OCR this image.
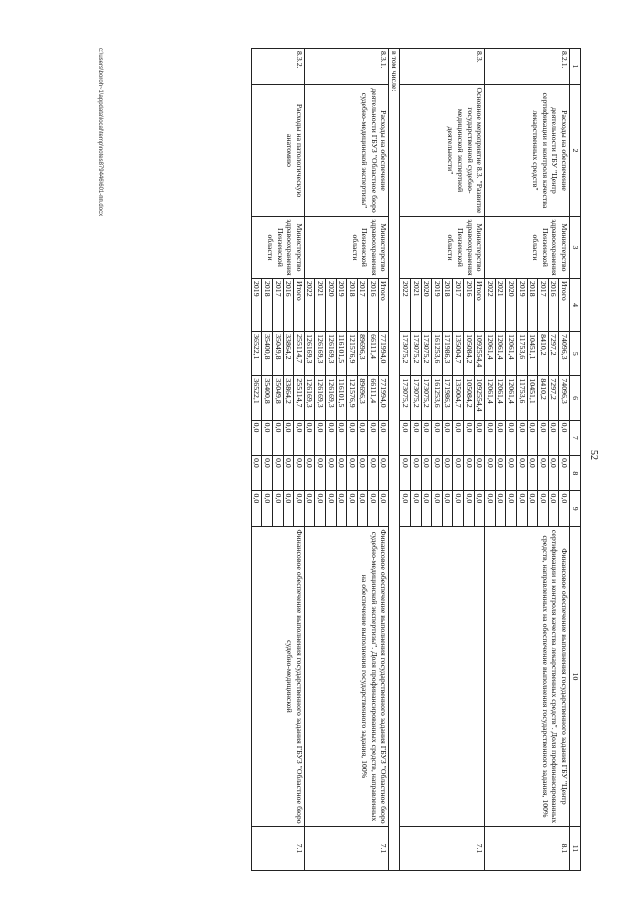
52
1	2	3	
4	5	6	7	8	9
	10	11
8.2.1.	Расходы на обеспечение деятельности ГБУ "Центр сертификации и контроля качества лекарственных средств"	Министерство здравоохранения Пензенской области	
Итого	74096,3	74096,3	0,0	0,0	0,0
2016	7297,2	7297,2	0,0	0,0	0,0
2017	8410,2	8410,2	0,0	0,0	0,0
2018	10451,1	10451,1	0,0	0,0	0,0
2019	11753,6	11753,6	0,0	0,0	0,0
2020	12061,4	12061,4	0,0	0,0	0,0
2021	12061,4	12061,4	0,0	0,0	0,0
2022	12061,4	12061,4	0,0	0,0	0,0
	Финансовое обеспечение выполнения государственного задания ГБУ "Центр сертификации и контроля качества лекарственных средств". Доля профинансированных средств, направленных на обеспечение выполнения государственного задания, 100%	8.1
8.3.	Основное мероприятие 8.3. "Развитие государственной судебно-медицинской экспертной деятельности"	Министерство здравоохранения Пензенской области	
Итого	1092554,4	1092554,4	0,0	0,0	0,0
2016	105084,2	105084,2	0,0	0,0	0,0
2017	135004,7	135004,7	0,0	0,0	0,0
2018	171986,3	171986,3	0,0	0,0	0,0
2019	161253,6	161253,6	0,0	0,0	0,0
2020	173075,2	173075,2	0,0	0,0	0,0
2021	173075,2	173075,2	0,0	0,0	0,0
2022	173075,2	173075,2	0,0	0,0	0,0
		7.1
в том числе:
8.3.1.	Расходы на обеспечение деятельности ГБУЗ "Областное бюро судебно-медицинской экспертизы"	Министерство здравоохранения Пензенской области	
Итого	771994,0	771994,0	0,0	0,0	0,0
2016	66111,4	66111,4	0,0	0,0	0,0
2017	89696,3	89696,3	0,0	0,0	0,0
2018	121576,9	121576,9	0,0	0,0	0,0
2019	116101,5	116101,5	0,0	0,0	0,0
2020	126169,3	126169,3	0,0	0,0	0,0
2021	126169,3	126169,3	0,0	0,0	0,0
2022	126169,3	126169,3	0,0	0,0	0,0
	Финансовое обеспечение выполнения государственного задания ГБУЗ "Областное бюро судебно-медицинской экспертизы". Доля профинансированных средств, направленных на обеспечение выполнения государственного задания, 100%	7.1
8.3.2.	Расходы на патологическую анатомию	Министерство здравоохранения Пензенской области	
Итого	255114,7	255114,7	0,0	0,0	0,0
2016	33864,2	33864,2	0,0	0,0	0,0
2017	35049,8	35049,8	0,0	0,0	0,0
2018	35400,8	35400,8	0,0	0,0	0,0
2019	36522,1	36522,1	0,0	0,0	0,0
	Финансовое обеспечение выполнения государственного задания ГБУЗ "Областное бюро судебно-медицинской	7.1
c:\users\boroh~1\appdata\local\temp\notes879446\601-пп.docx
